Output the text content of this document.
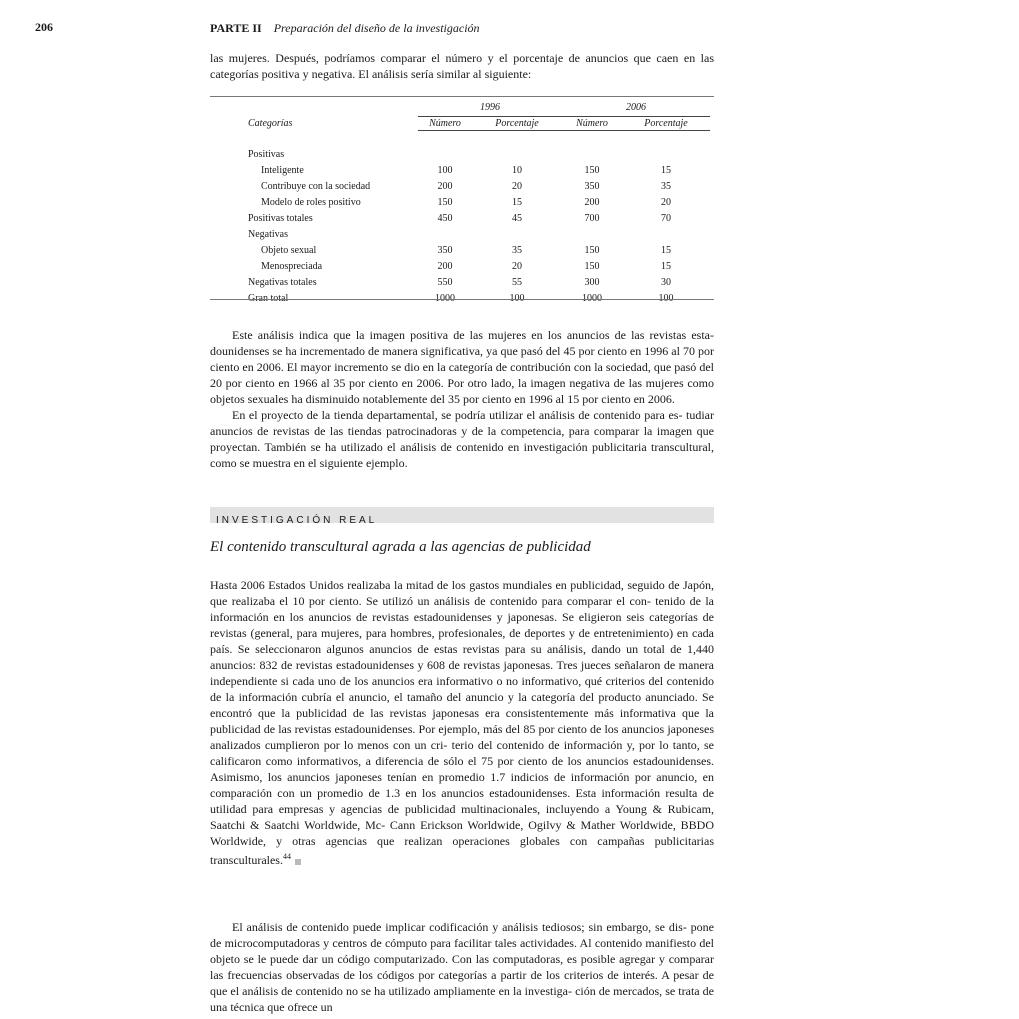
206	PARTE II Preparación del diseño de la investigación

las mujeres. Después, podríamos comparar el número y el porcentaje de anuncios que caen en las categorías positiva y negativa. El análisis sería similar al siguiente:

	1996		2006	
Categorías	Número	Porcentaje	Número	Porcentaje

Positivas				
Inteligente	100	10	150	15
Contribuye con la sociedad	200	20	350	35
Modelo de roles positivo	150	15	200	20
Positivas totales	450	45	700	70
Negativas				
Objeto sexual	350	35	150	15
Menospreciada	200	20	150	15
Negativas totales	550	55	300	30
Gran total	1000	100	1000	100

Este análisis indica que la imagen positiva de las mujeres en los anuncios de las revistas esta- dounidenses se ha incrementado de manera significativa, ya que pasó del 45 por ciento en 1996 al 70 por ciento en 2006. El mayor incremento se dio en la categoría de contribución con la sociedad, que pasó del 20 por ciento en 1966 al 35 por ciento en 2006. Por otro lado, la imagen negativa de las mujeres como objetos sexuales ha disminuido notablemente del 35 por ciento en 1996 al 15 por ciento en 2006.

En el proyecto de la tienda departamental, se podría utilizar el análisis de contenido para es- tudiar anuncios de revistas de las tiendas patrocinadoras y de la competencia, para comparar la imagen que proyectan. También se ha utilizado el análisis de contenido en investigación publicitaria transcultural, como se muestra en el siguiente ejemplo.

INVESTIGACIÓN REAL
El contenido transcultural agrada a las agencias de publicidad

Hasta 2006 Estados Unidos realizaba la mitad de los gastos mundiales en publicidad, seguido de Japón, que realizaba el 10 por ciento. Se utilizó un análisis de contenido para comparar el con- tenido de la información en los anuncios de revistas estadounidenses y japonesas. Se eligieron seis categorías de revistas (general, para mujeres, para hombres, profesionales, de deportes y de entretenimiento) en cada país. Se seleccionaron algunos anuncios de estas revistas para su análisis, dando un total de 1,440 anuncios: 832 de revistas estadounidenses y 608 de revistas japonesas. Tres jueces señalaron de manera independiente si cada uno de los anuncios era informativo o no informativo, qué criterios del contenido de la información cubría el anuncio, el tamaño del anuncio y la categoría del producto anunciado. Se encontró que la publicidad de las revistas japonesas era consistentemente más informativa que la publicidad de las revistas estadounidenses. Por ejemplo, más del 85 por ciento de los anuncios japoneses analizados cumplieron por lo menos con un cri- terio del contenido de información y, por lo tanto, se calificaron como informativos, a diferencia de sólo el 75 por ciento de los anuncios estadounidenses. Asimismo, los anuncios japoneses tenían en promedio 1.7 indicios de información por anuncio, en comparación con un promedio de 1.3 en los anuncios estadounidenses. Esta información resulta de utilidad para empresas y agencias de publicidad multinacionales, incluyendo a Young & Rubicam, Saatchi & Saatchi Worldwide, Mc- Cann Erickson Worldwide, Ogilvy & Mather Worldwide, BBDO Worldwide, y otras agencias que realizan operaciones globales con campañas publicitarias transculturales.$^{44}$

El análisis de contenido puede implicar codificación y análisis tediosos; sin embargo, se dis- pone de microcomputadoras y centros de cómputo para facilitar tales actividades. Al contenido manifiesto del objeto se le puede dar un código computarizado. Con las computadoras, es posible agregar y comparar las frecuencias observadas de los códigos por categorías a partir de los criterios de interés. A pesar de que el análisis de contenido no se ha utilizado ampliamente en la investiga- ción de mercados, se trata de una técnica que ofrece un
